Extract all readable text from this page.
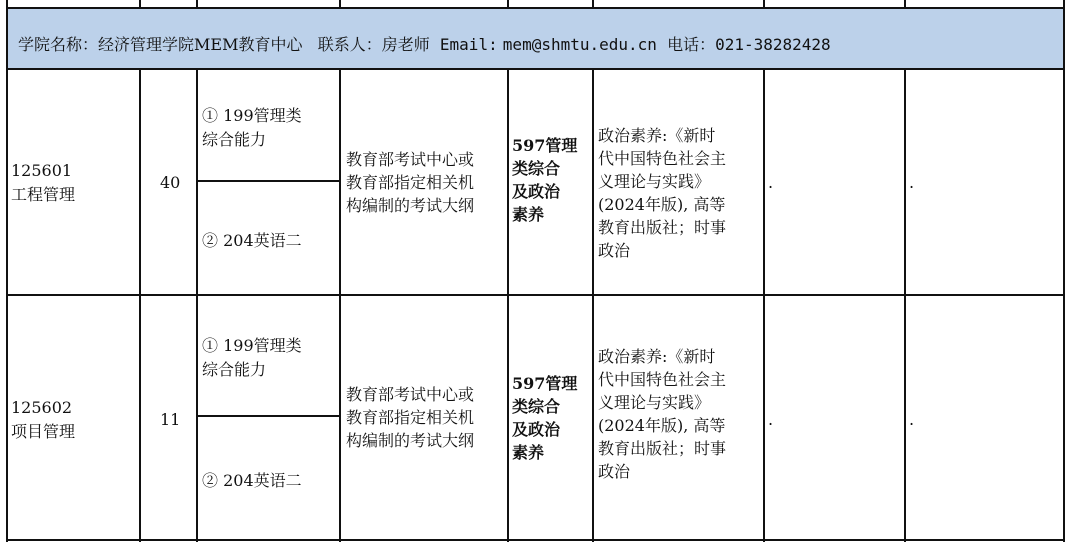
学院名称：经济管理学院MEM教育中心 联系人：房老师 Email: mem@shmtu.edu.cn 电话：021-38282428
125601
工程管理
40
① 199管理类
综合能力
② 204英语二
教育部考试中心或
教育部指定相关机
构编制的考试大纲
597管理
类综合
及政治
素养
政治素养:《新时
代中国特色社会主
义理论与实践》
(2024年版), 高等
教育出版社；时事
政治
.	.
125602
项目管理
11
① 199管理类
综合能力
② 204英语二
教育部考试中心或
教育部指定相关机
构编制的考试大纲
597管理
类综合
及政治
素养
政治素养:《新时
代中国特色社会主
义理论与实践》
(2024年版), 高等
教育出版社；时事
政治
.	.
